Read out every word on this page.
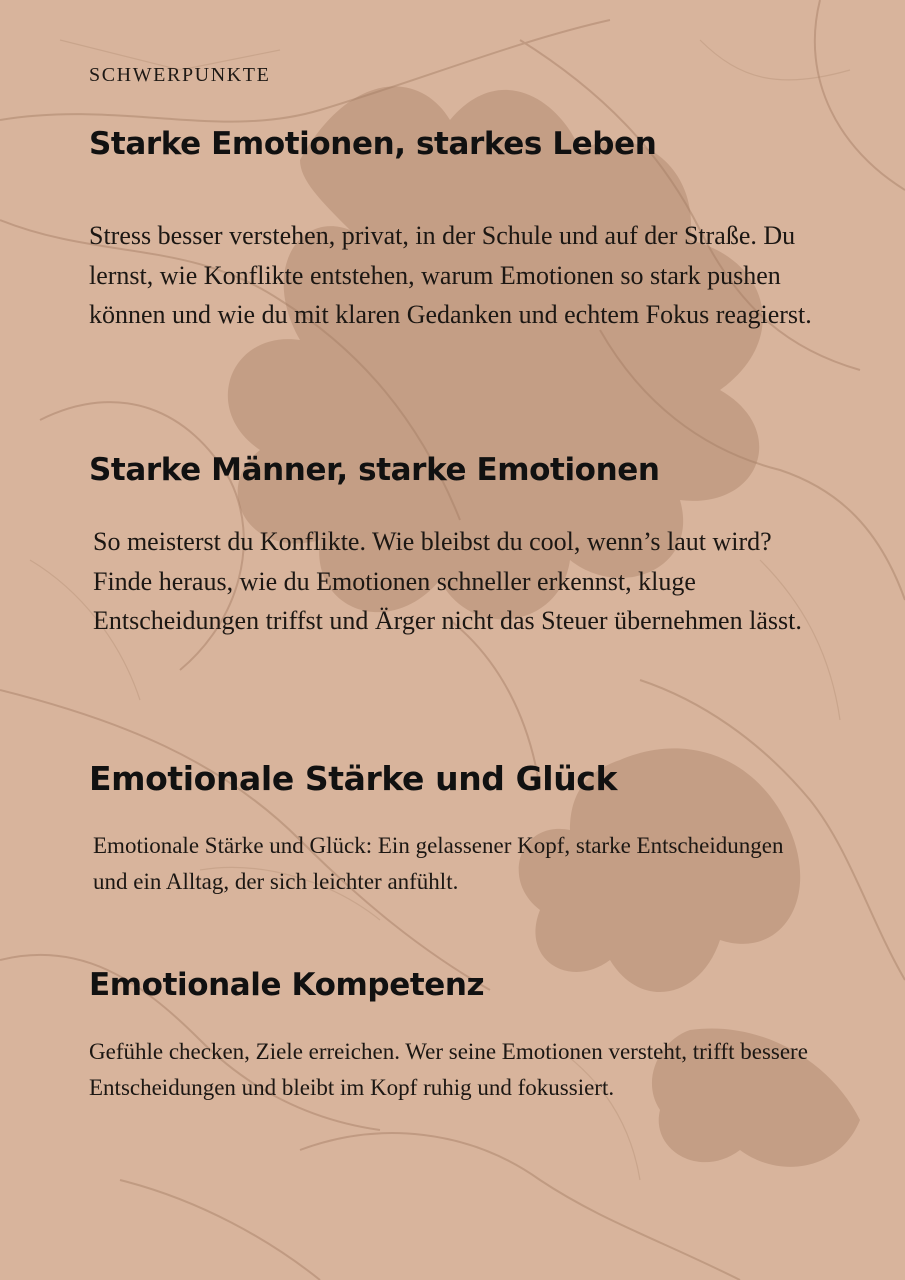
SCHWERPUNKTE
Starke Emotionen, starkes Leben
Stress besser verstehen, privat, in der Schule und auf der Straße. Du lernst, wie Konflikte entstehen, warum Emotionen so stark pushen können und wie du mit klaren Gedanken und echtem Fokus reagierst.
Starke Männer, starke Emotionen
So meisterst du Konflikte. Wie bleibst du cool, wenn’s laut wird? Finde heraus, wie du Emotionen schneller erkennst, kluge Entscheidungen triffst und Ärger nicht das Steuer übernehmen lässt.
Emotionale Stärke und Glück
Emotionale Stärke und Glück: Ein gelassener Kopf, starke Entscheidungen und ein Alltag, der sich leichter anfühlt.
Emotionale Kompetenz
Gefühle checken, Ziele erreichen. Wer seine Emotionen versteht, trifft bessere Entscheidungen und bleibt im Kopf ruhig und fokussiert.
